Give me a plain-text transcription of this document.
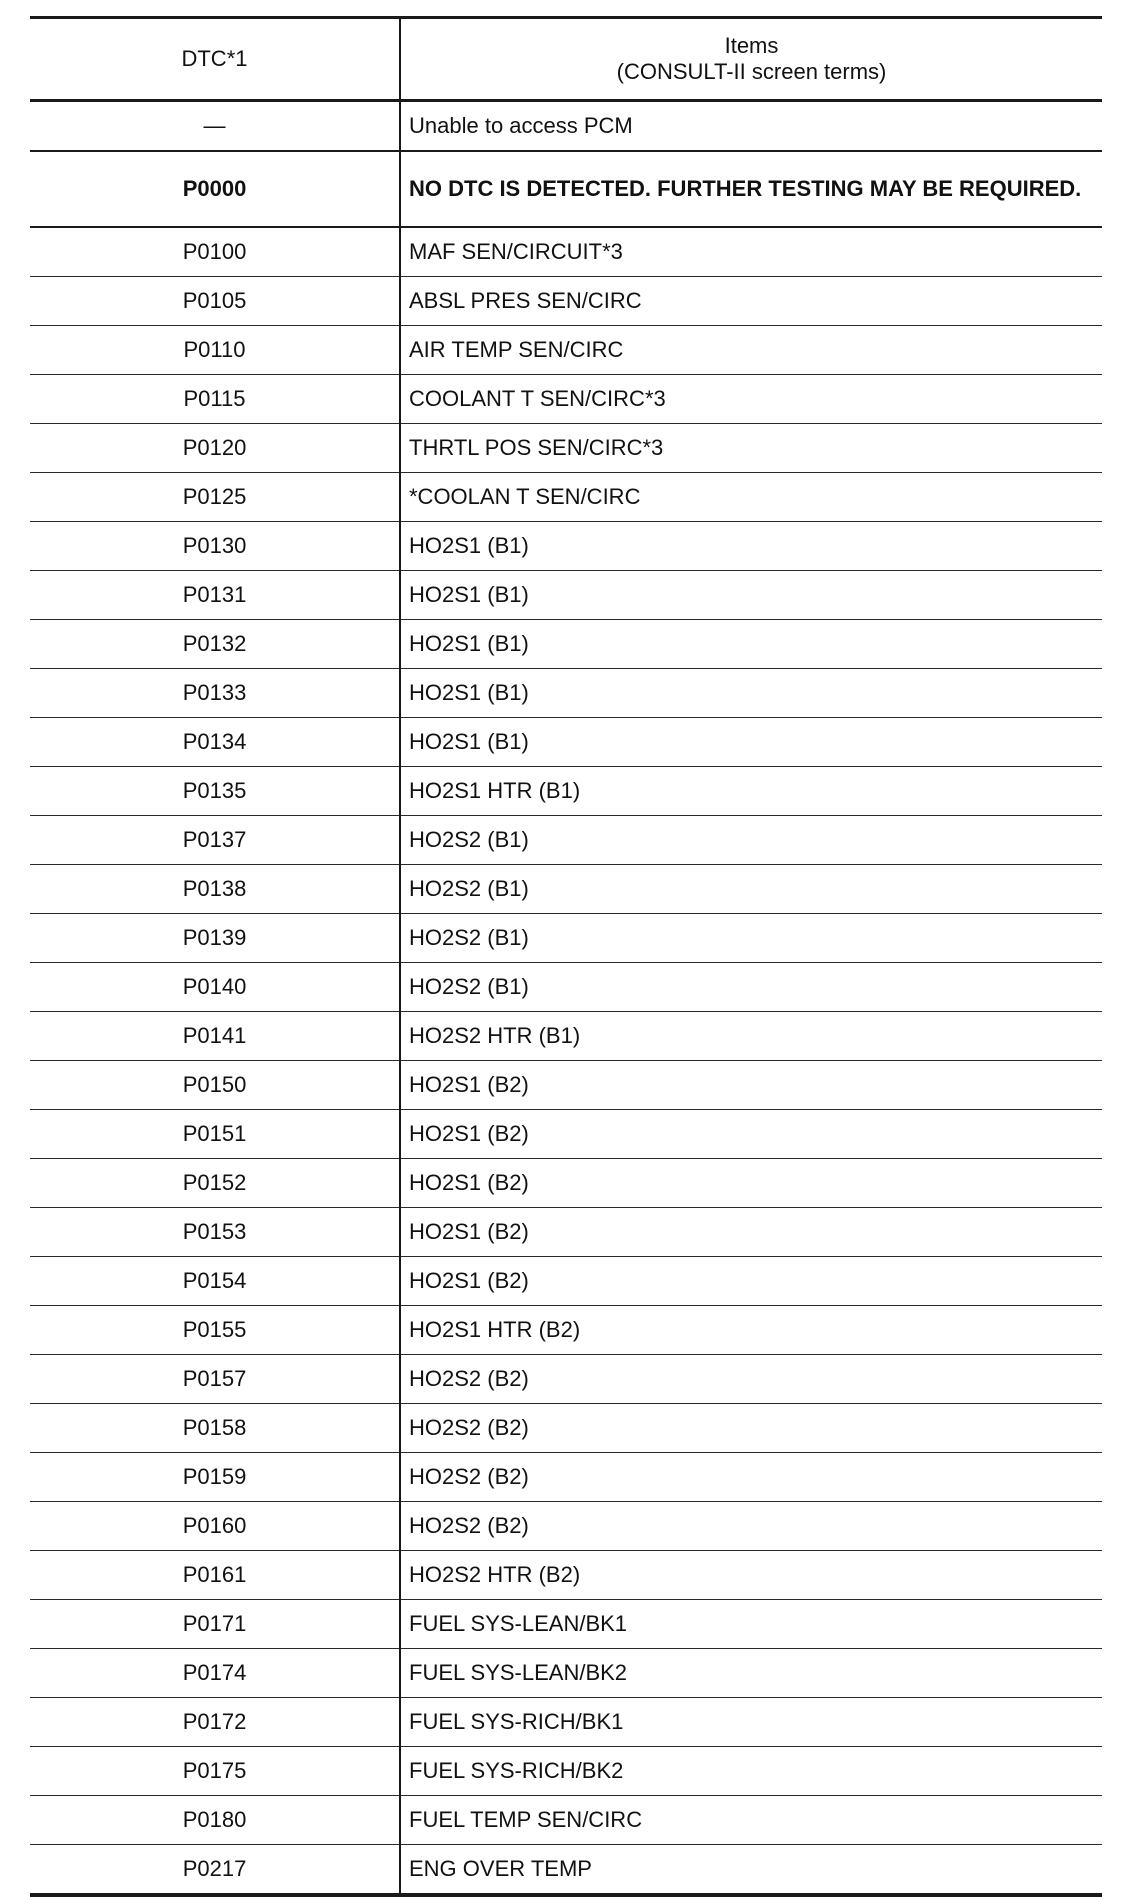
DTC*1	Items
(CONSULT-II screen terms)

—	Unable to access PCM
P0000	NO DTC IS DETECTED. FURTHER TESTING MAY BE REQUIRED.
P0100	MAF SEN/CIRCUIT*3
P0105	ABSL PRES SEN/CIRC
P0110	AIR TEMP SEN/CIRC
P0115	COOLANT T SEN/CIRC*3
P0120	THRTL POS SEN/CIRC*3
P0125	*COOLAN T SEN/CIRC
P0130	HO2S1 (B1)
P0131	HO2S1 (B1)
P0132	HO2S1 (B1)
P0133	HO2S1 (B1)
P0134	HO2S1 (B1)
P0135	HO2S1 HTR (B1)
P0137	HO2S2 (B1)
P0138	HO2S2 (B1)
P0139	HO2S2 (B1)
P0140	HO2S2 (B1)
P0141	HO2S2 HTR (B1)
P0150	HO2S1 (B2)
P0151	HO2S1 (B2)
P0152	HO2S1 (B2)
P0153	HO2S1 (B2)
P0154	HO2S1 (B2)
P0155	HO2S1 HTR (B2)
P0157	HO2S2 (B2)
P0158	HO2S2 (B2)
P0159	HO2S2 (B2)
P0160	HO2S2 (B2)
P0161	HO2S2 HTR (B2)
P0171	FUEL SYS-LEAN/BK1
P0174	FUEL SYS-LEAN/BK2
P0172	FUEL SYS-RICH/BK1
P0175	FUEL SYS-RICH/BK2
P0180	FUEL TEMP SEN/CIRC
P0217	ENG OVER TEMP
